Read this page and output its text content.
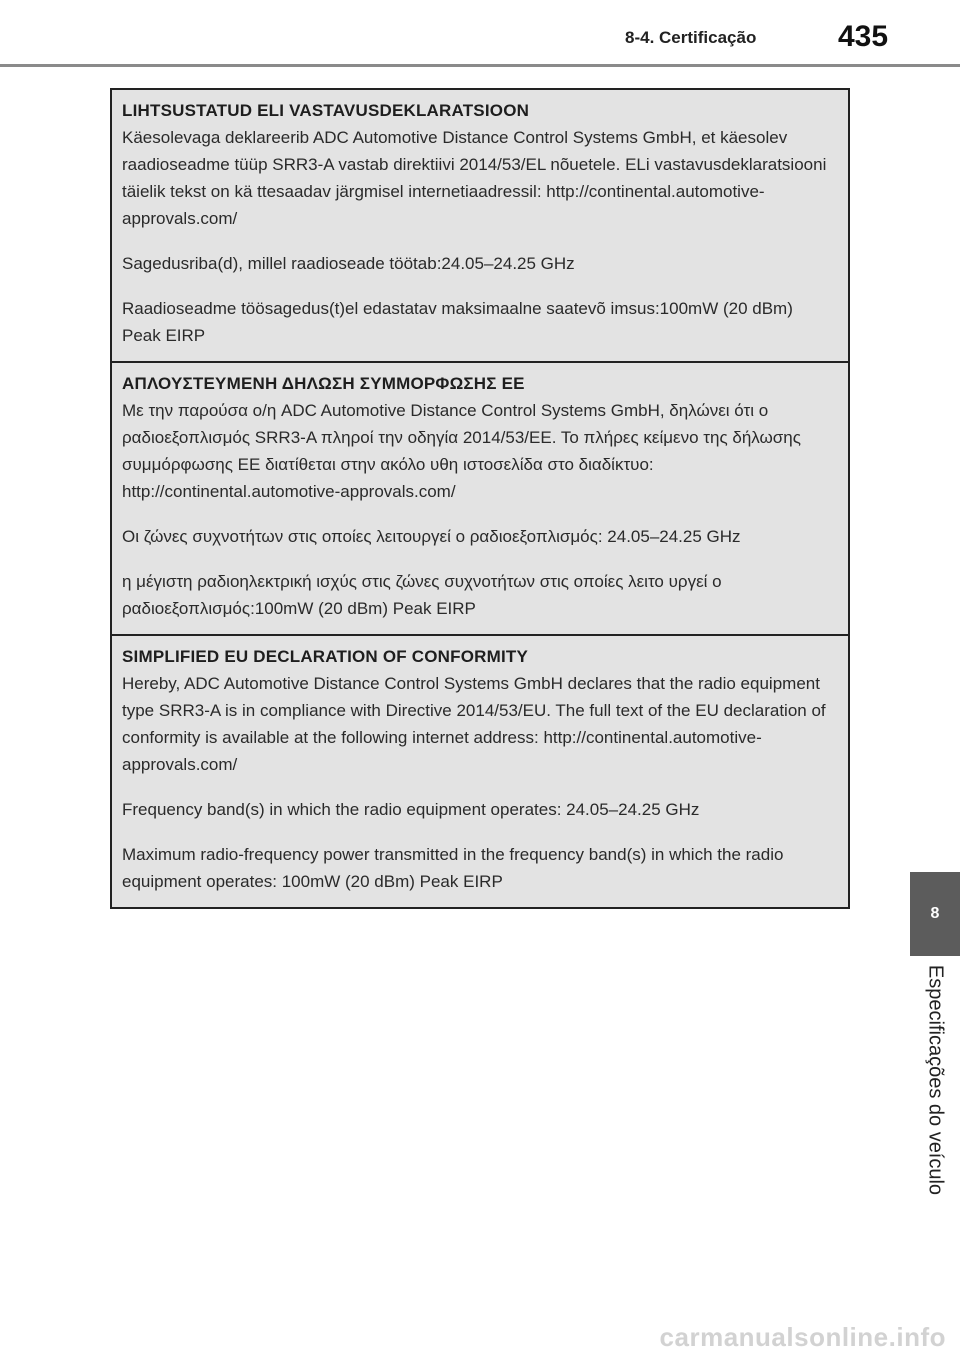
8-4. Certificação	435
LIHTSUSTATUD ELI VASTAVUSDEKLARATSIOON
Käesolevaga deklareerib ADC Automotive Distance Control Systems GmbH, et käesolev raadioseadme tüüp SRR3-A vastab direktiivi 2014/53/EL nõuetele. ELi vastavusdeklaratsiooni täielik tekst on kä ttesaadav järgmisel internetiaadressil: http://continental.automotive-approvals.com/
Sagedusriba(d), millel raadioseade töötab:24.05–24.25 GHz
Raadioseadme töösagedus(t)el edastatav maksimaalne saatevõ imsus:100mW (20 dBm) Peak EIRP
ΑΠΛΟΥΣΤΕΥΜΕΝΗ ΔΗΛΩΣΗ ΣΥΜΜΟΡΦΩΣΗΣ ΕΕ
Με την παρούσα ο/η ADC Automotive Distance Control Systems GmbH, δηλώνει ότι ο ραδιοεξοπλισμός SRR3-A πληροί την οδηγία 2014/53/ΕΕ. Το πλήρες κείμενο της δήλωσης συμμόρφωσης ΕΕ διατίθεται στην ακόλο υθη ιστοσελίδα στο διαδίκτυο: http://continental.automotive-approvals.com/
Οι ζώνες συχνοτήτων στις οποίες λειτουργεί ο ραδιοεξοπλισμός: 24.05–24.25 GHz
η μέγιστη ραδιοηλεκτρική ισχύς στις ζώνες συχνοτήτων στις οποίες λειτο υργεί ο ραδιοεξοπλισμός:100mW (20 dBm) Peak EIRP
SIMPLIFIED EU DECLARATION OF CONFORMITY
Hereby, ADC Automotive Distance Control Systems GmbH declares that the radio equipment type SRR3-A is in compliance with Directive 2014/53/EU. The full text of the EU declaration of conformity is available at the following internet address: http://continental.automotive-approvals.com/
Frequency band(s) in which the radio equipment operates: 24.05–24.25 GHz
Maximum radio-frequency power transmitted in the frequency band(s) in which the radio equipment operates: 100mW (20 dBm) Peak EIRP
8
Especificações do veículo
carmanualsonline.info
